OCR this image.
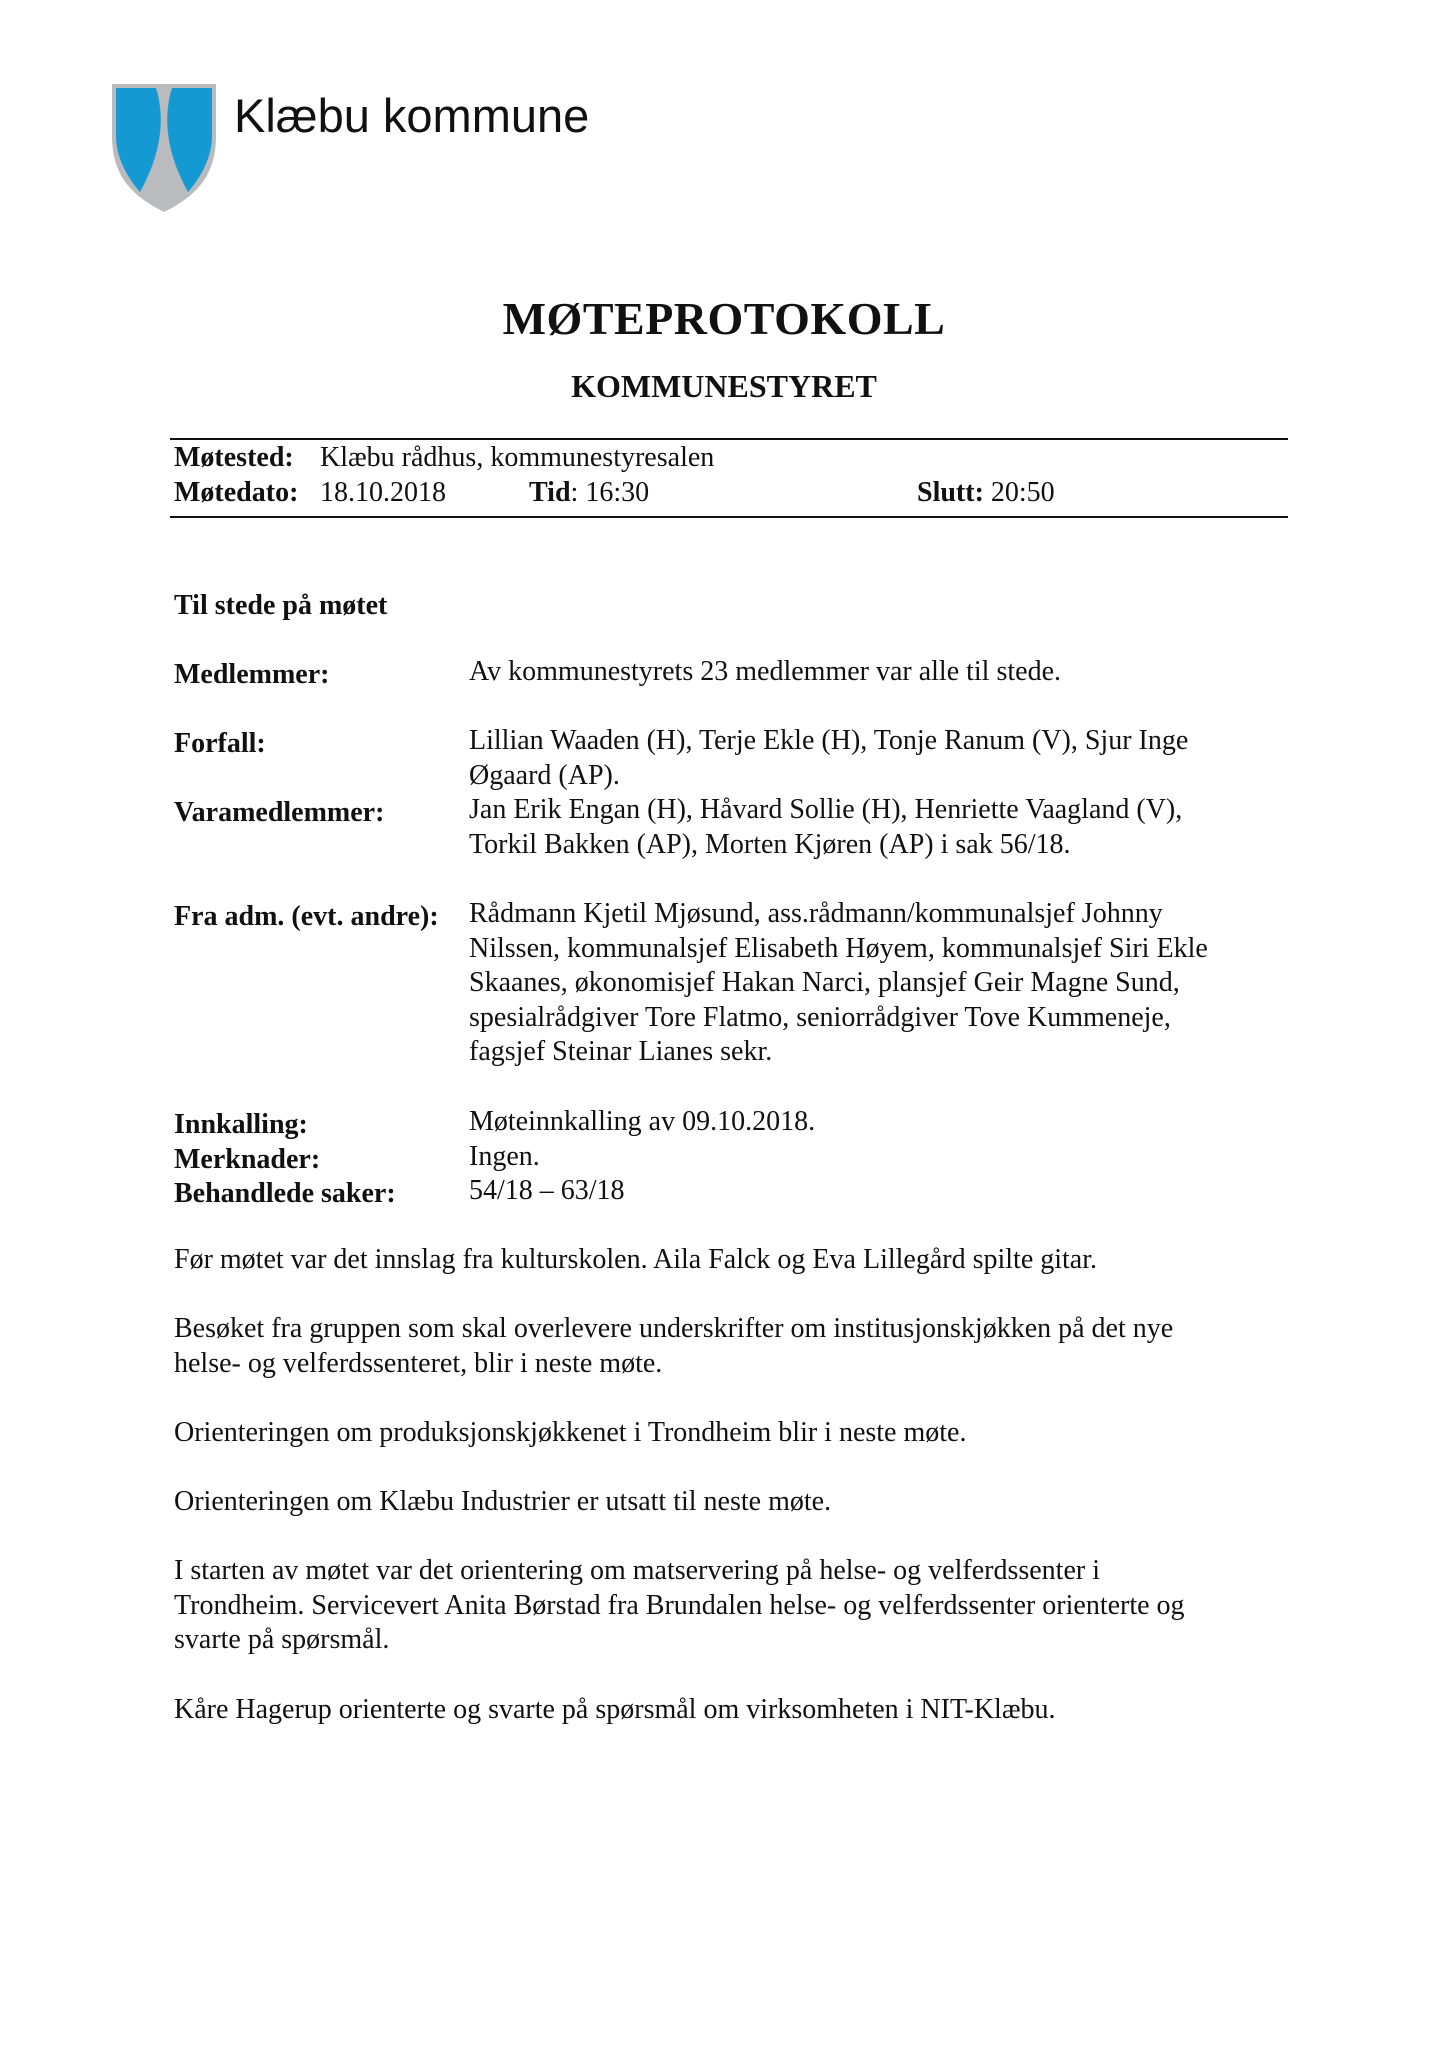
Klæbu kommune
MØTEPROTOKOLL
KOMMUNESTYRET
Møtested: Klæbu rådhus, kommunestyresalen
Møtedato: 18.10.2018	Tid: 16:30	Slutt: 20:50
Til stede på møtet
Medlemmer:	Av kommunestyrets 23 medlemmer var alle til stede.
Forfall:	Lillian Waaden (H), Terje Ekle (H), Tonje Ranum (V), Sjur Inge
Øgaard (AP).
Varamedlemmer:	Jan Erik Engan (H), Håvard Sollie (H), Henriette Vaagland (V),
Torkil Bakken (AP), Morten Kjøren (AP) i sak 56/18.
Fra adm. (evt. andre): Rådmann Kjetil Mjøsund, ass.rådmann/kommunalsjef Johnny
Nilssen, kommunalsjef Elisabeth Høyem, kommunalsjef Siri Ekle
Skaanes, økonomisjef Hakan Narci, plansjef Geir Magne Sund,
spesialrådgiver Tore Flatmo, seniorrådgiver Tove Kummeneje,
fagsjef Steinar Lianes sekr.
Innkalling:	Møteinnkalling av 09.10.2018.
Merknader:	Ingen.
Behandlede saker:	54/18 – 63/18
Før møtet var det innslag fra kulturskolen. Aila Falck og Eva Lillegård spilte gitar.
Besøket fra gruppen som skal overlevere underskrifter om institusjonskjøkken på det nye
helse- og velferdssenteret, blir i neste møte.
Orienteringen om produksjonskjøkkenet i Trondheim blir i neste møte.
Orienteringen om Klæbu Industrier er utsatt til neste møte.
I starten av møtet var det orientering om matservering på helse- og velferdssenter i
Trondheim. Servicevert Anita Børstad fra Brundalen helse- og velferdssenter orienterte og
svarte på spørsmål.
Kåre Hagerup orienterte og svarte på spørsmål om virksomheten i NIT-Klæbu.
